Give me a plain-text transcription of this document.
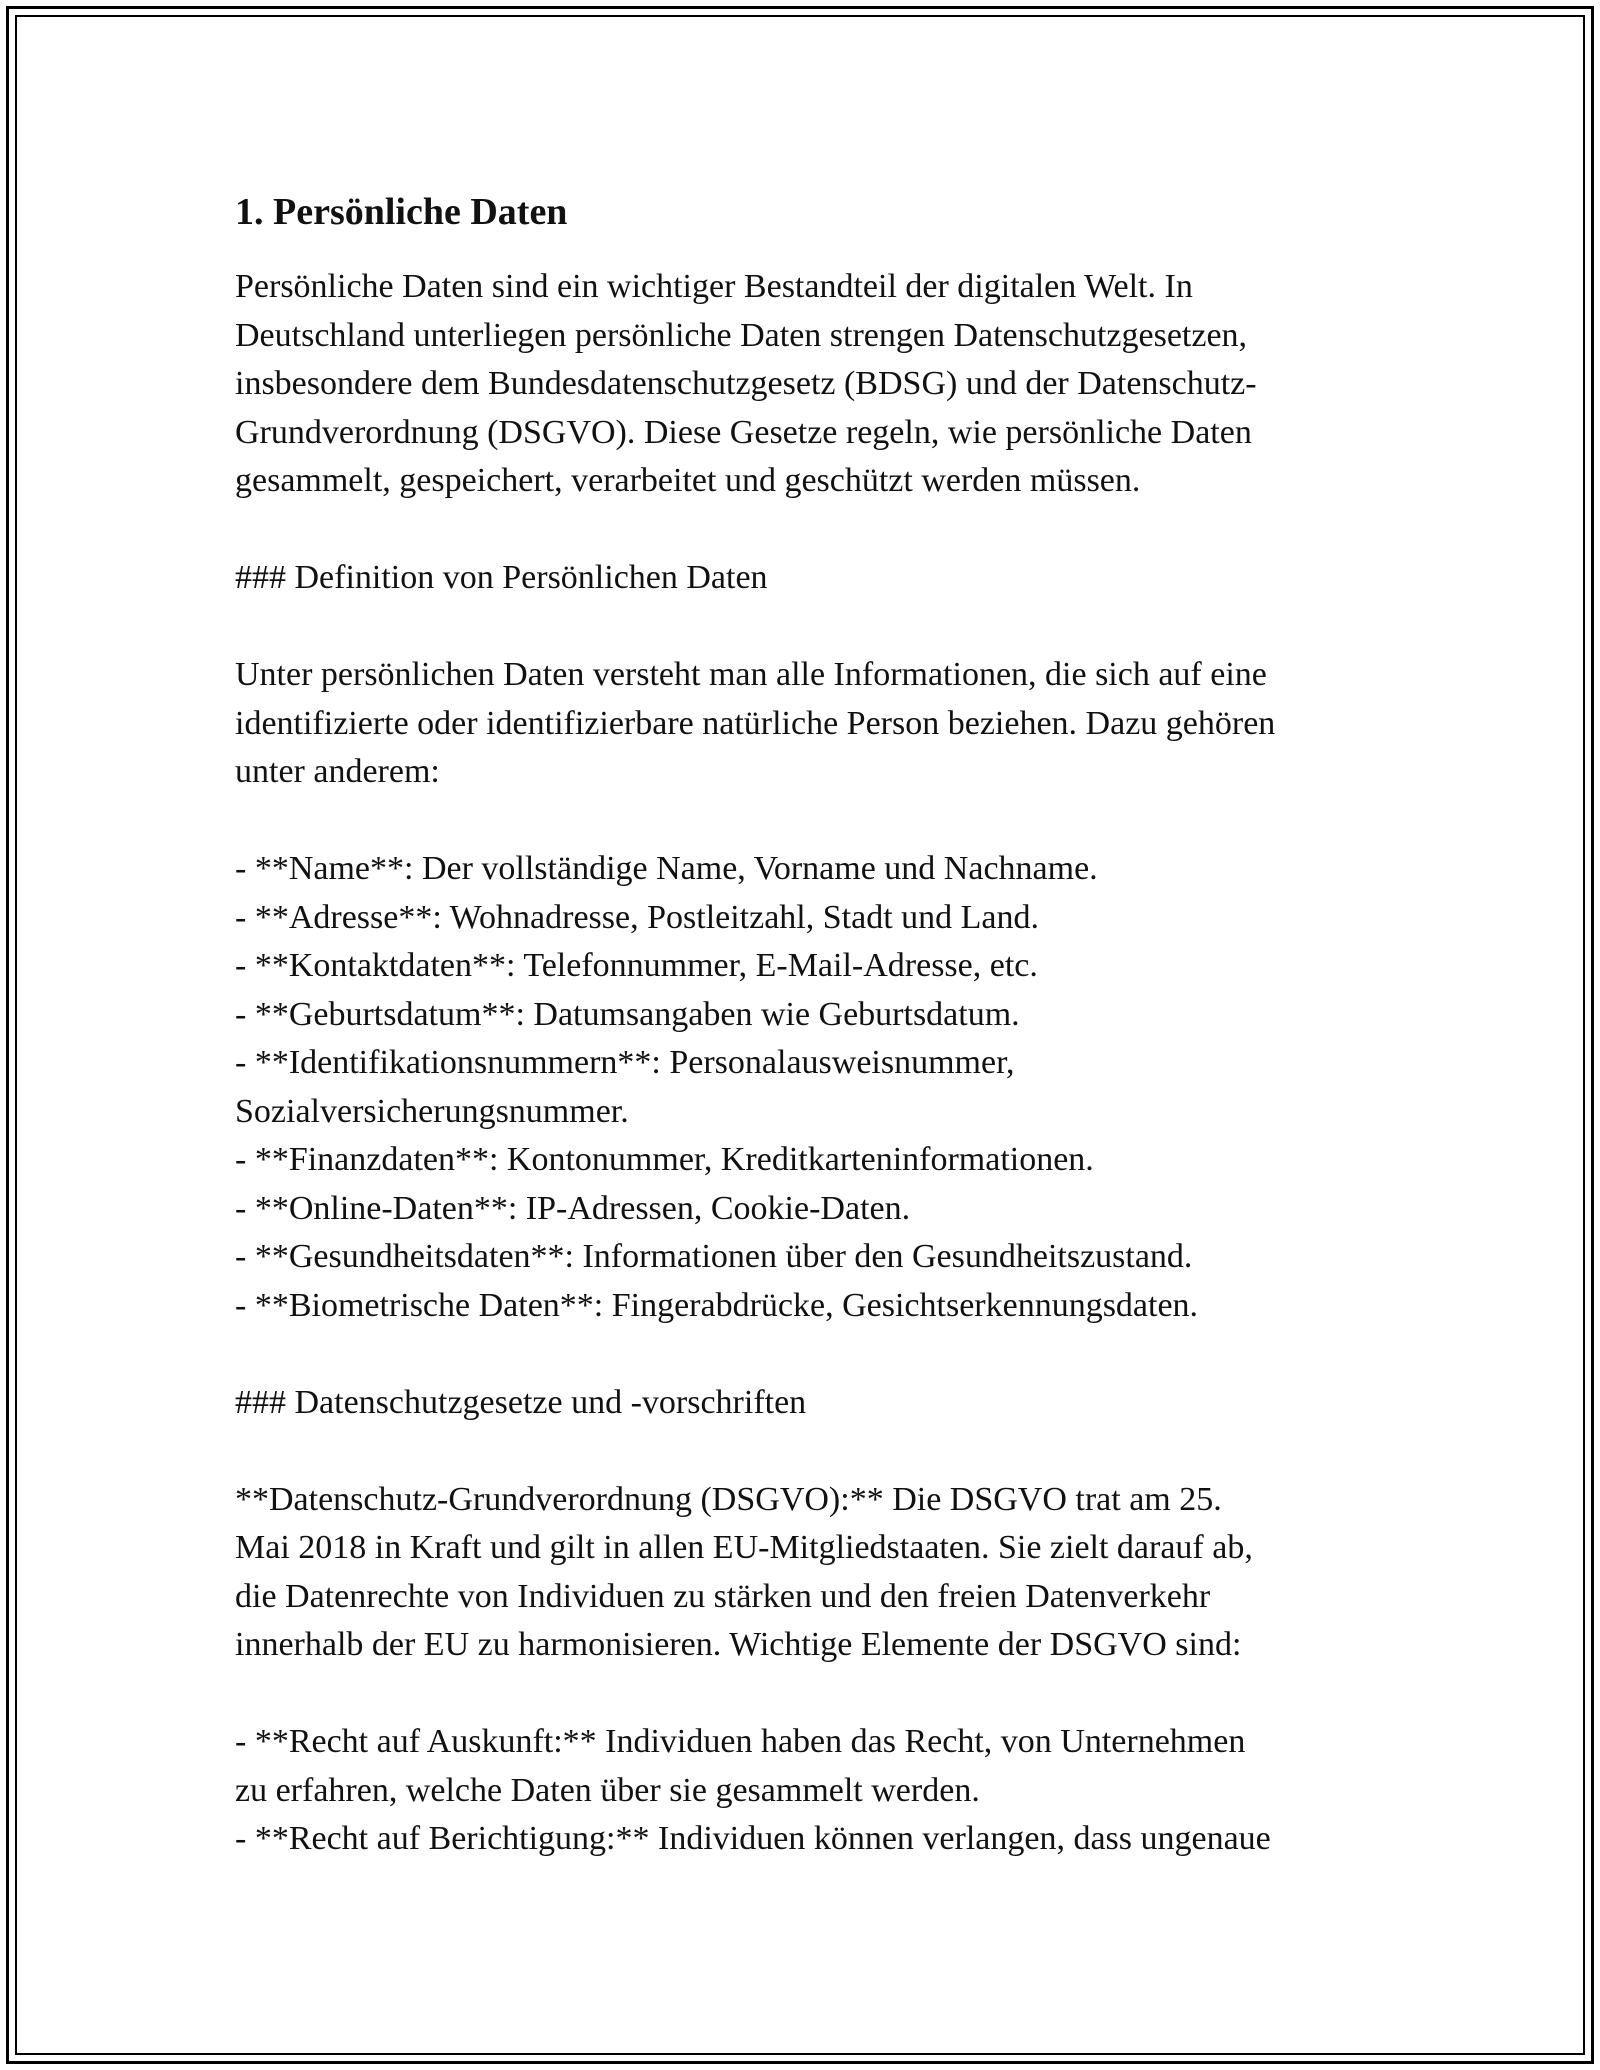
1. Persönliche Daten

Persönliche Daten sind ein wichtiger Bestandteil der digitalen Welt. In
Deutschland unterliegen persönliche Daten strengen Datenschutzgesetzen,
insbesondere dem Bundesdatenschutzgesetz (BDSG) und der Datenschutz-
Grundverordnung (DSGVO). Diese Gesetze regeln, wie persönliche Daten
gesammelt, gespeichert, verarbeitet und geschützt werden müssen.

### Definition von Persönlichen Daten

Unter persönlichen Daten versteht man alle Informationen, die sich auf eine
identifizierte oder identifizierbare natürliche Person beziehen. Dazu gehören
unter anderem:

- **Name**: Der vollständige Name, Vorname und Nachname.
- **Adresse**: Wohnadresse, Postleitzahl, Stadt und Land.
- **Kontaktdaten**: Telefonnummer, E-Mail-Adresse, etc.
- **Geburtsdatum**: Datumsangaben wie Geburtsdatum.
- **Identifikationsnummern**: Personalausweisnummer,
Sozialversicherungsnummer.
- **Finanzdaten**: Kontonummer, Kreditkarteninformationen.
- **Online-Daten**: IP-Adressen, Cookie-Daten.
- **Gesundheitsdaten**: Informationen über den Gesundheitszustand.
- **Biometrische Daten**: Fingerabdrücke, Gesichtserkennungsdaten.

### Datenschutzgesetze und -vorschriften

**Datenschutz-Grundverordnung (DSGVO):** Die DSGVO trat am 25.
Mai 2018 in Kraft und gilt in allen EU-Mitgliedstaaten. Sie zielt darauf ab,
die Datenrechte von Individuen zu stärken und den freien Datenverkehr
innerhalb der EU zu harmonisieren. Wichtige Elemente der DSGVO sind:

- **Recht auf Auskunft:** Individuen haben das Recht, von Unternehmen
zu erfahren, welche Daten über sie gesammelt werden.
- **Recht auf Berichtigung:** Individuen können verlangen, dass ungenaue
